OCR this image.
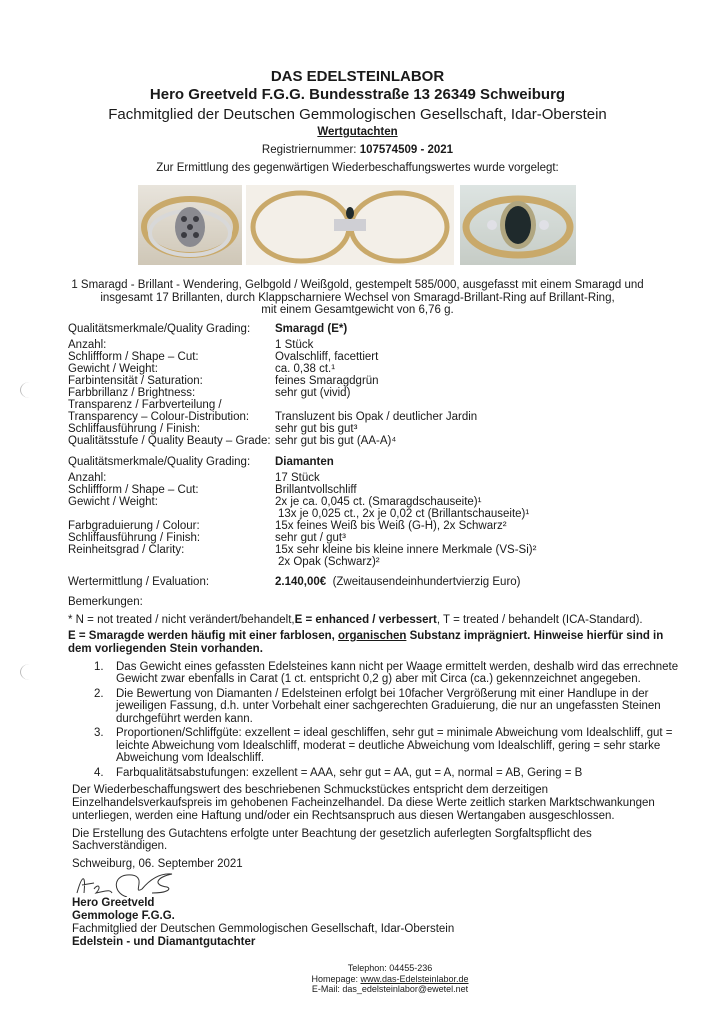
DAS EDELSTEINLABOR
Hero Greetveld F.G.G. Bundesstraße 13 26349 Schweiburg
Fachmitglied der Deutschen Gemmologischen Gesellschaft, Idar-Oberstein
Wertgutachten
Registriernummer: 107574509 - 2021
Zur Ermittlung des gegenwärtigen Wiederbeschaffungswertes wurde vorgelegt:
1 Smaragd - Brillant - Wendering, Gelbgold / Weißgold, gestempelt 585/000, ausgefasst mit einem Smaragd und
insgesamt 17 Brillanten, durch Klappscharniere Wechsel von Smaragd-Brillant-Ring auf Brillant-Ring,
mit einem Gesamtgewicht von 6,76 g.
Qualitätsmerkmale/Quality Grading:	Smaragd (E*)
Anzahl:	1 Stück
Schliffform / Shape – Cut:	Ovalschliff, facettiert
Gewicht / Weight:	ca. 0,38 ct.¹
Farbintensität / Saturation:	feines Smaragdgrün
Farbbrillanz / Brightness:	sehr gut (vivid)
Transparenz / Farbverteilung /
Transparency – Colour-Distribution:	Transluzent bis Opak / deutlicher Jardin
Schliffausführung / Finish:	sehr gut bis gut³
Qualitätsstufe / Quality Beauty – Grade: sehr gut bis gut (AA-A)⁴
Qualitätsmerkmale/Quality Grading:	Diamanten
Anzahl:	17 Stück
Schliffform / Shape – Cut:	Brillantvollschliff
Gewicht / Weight:	2x je ca. 0,045 ct. (Smaragdschauseite)¹
13x je 0,025 ct., 2x je 0,02 ct (Brillantschauseite)¹
Farbgraduierung / Colour:	15x feines Weiß bis Weiß (G-H), 2x Schwarz²
Schliffausführung / Finish:	sehr gut / gut³
Reinheitsgrad / Clarity:	15x sehr kleine bis kleine innere Merkmale (VS-Si)²
2x Opak (Schwarz)²
Wertermittlung / Evaluation:	2.140,00€ (Zweitausendeinhundertvierzig Euro)
Bemerkungen:
* N = not treated / nicht verändert/behandelt, E = enhanced / verbessert , T = treated / behandelt (ICA-Standard).
E = Smaragde werden häufig mit einer farblosen, organischen Substanz imprägniert. Hinweise hierfür sind in dem vorliegenden Stein vorhanden.
1. Das Gewicht eines gefassten Edelsteines kann nicht per Waage ermittelt werden, deshalb wird das errechnete Gewicht zwar ebenfalls in Carat (1 ct. entspricht 0,2 g) aber mit Circa (ca.) gekennzeichnet angegeben.
2. Die Bewertung von Diamanten / Edelsteinen erfolgt bei 10facher Vergrößerung mit einer Handlupe in der jeweiligen Fassung, d.h. unter Vorbehalt einer sachgerechten Graduierung, die nur an ungefassten Steinen durchgeführt werden kann.
3. Proportionen/Schliffgüte: exzellent = ideal geschliffen, sehr gut = minimale Abweichung vom Idealschliff, gut = leichte Abweichung vom Idealschliff, moderat = deutliche Abweichung vom Idealschliff, gering = sehr starke Abweichung vom Idealschliff.
4. Farbqualitätsabstufungen: exzellent = AAA, sehr gut = AA, gut = A, normal = AB, Gering = B
Der Wiederbeschaffungswert des beschriebenen Schmuckstückes entspricht dem derzeitigen Einzelhandelsverkaufspreis im gehobenen Facheinzelhandel. Da diese Werte zeitlich starken Marktschwankungen unterliegen, werden eine Haftung und/oder ein Rechtsanspruch aus diesen Wertangaben ausgeschlossen.
Die Erstellung des Gutachtens erfolgte unter Beachtung der gesetzlich auferlegten Sorgfaltspflicht des Sachverständigen.
Schweiburg, 06. September 2021
Hero Greetveld
Gemmologe F.G.G.
Fachmitglied der Deutschen Gemmologischen Gesellschaft, Idar-Oberstein
Edelstein - und Diamantgutachter
Telephon: 04455-236
Homepage: www.das-Edelsteinlabor.de
E-Mail: das_edelsteinlabor@ewetel.net
